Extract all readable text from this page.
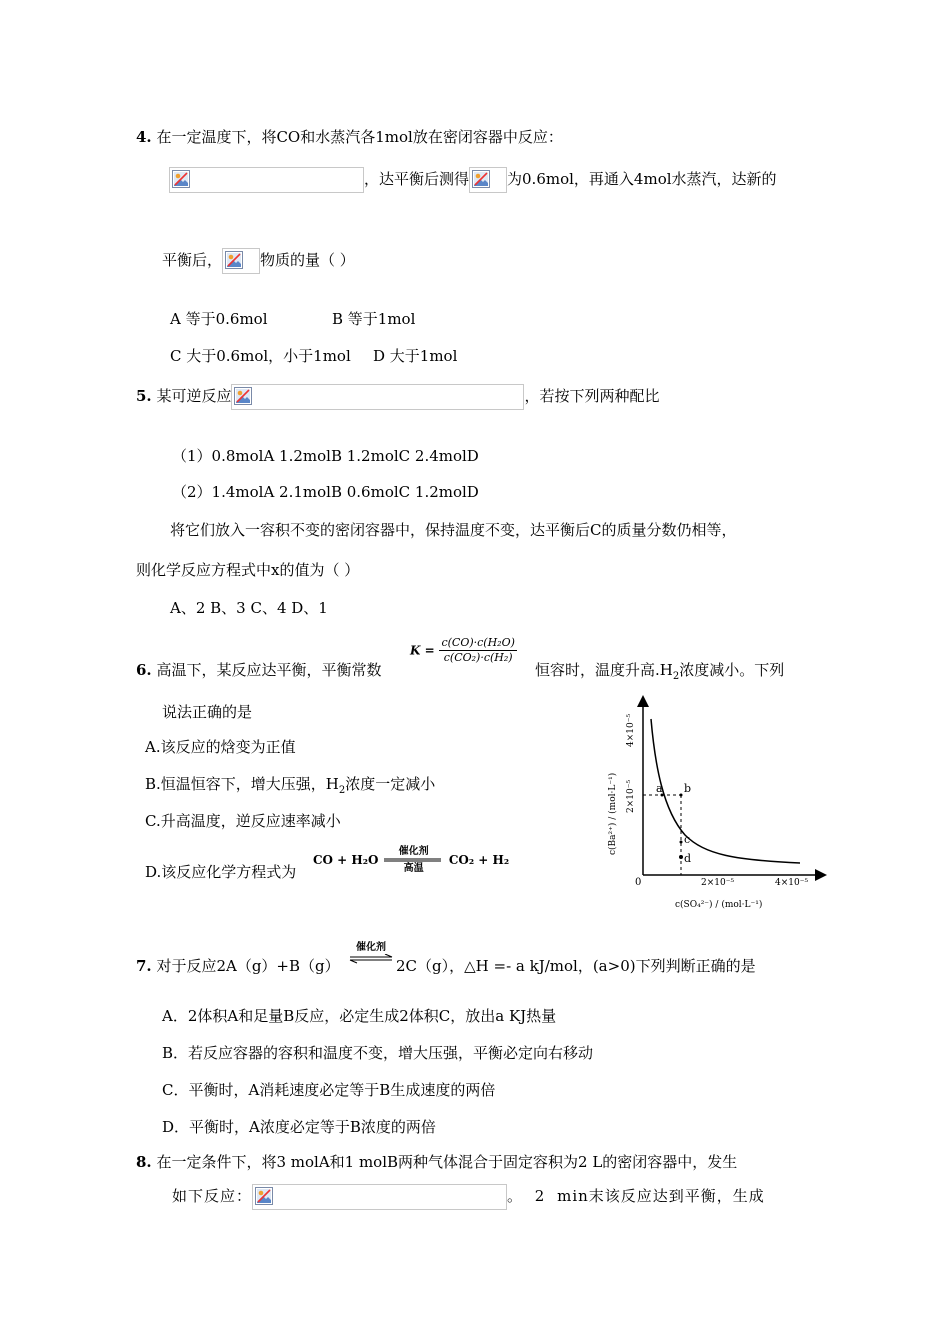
4. 在一定温度下，将CO和水蒸汽各1mol放在密闭容器中反应：
，达平衡后测得	为0.6mol，再通入4mol水蒸汽，达新的
平衡后，	物质的量（ ）
A 等于0.6mol	B 等于1mol
C 大于0.6mol，小于1mol D 大于1mol
5. 某可逆反应	，若按下列两种配比
（1）0.8molA 1.2molB 1.2molC 2.4molD
（2）1.4molA 2.1molB 0.6molC 1.2molD
将它们放入一容积不变的密闭容器中，保持温度不变，达平衡后C的质量分数仍相等，
则化学反应方程式中x的值为（ ）
A、2 B、3 C、4 D、1
6. 高温下，某反应达平衡，平衡常数
$K = \frac{\text{c(CO)·c(H₂O)}}{\text{c(CO₂)·c(H₂)}}$
恒容时，温度升高$.H_2$浓度减小。下列
说法正确的是
A.该反应的焓变为正值
B.恒温恒容下，增大压强，$H_2$浓度一定减小
C.升高温度，逆反应速率减小
D.该反应化学方程式为
CO + H₂O
催化剂
高温
CO₂ + H₂
a b
c
d
0
4×10⁻⁵
2×10⁻⁵
2×10⁻⁵	4×10⁻⁵
c(Ba²⁺) / (mol·L⁻¹)
c(SO₄²⁻) / (mol·L⁻¹)
7. 对于反应2A（g）+B（g）
催化剂
2C（g），△H =- a kJ/mol，(a>0)下列判断正确的是
A．2体积A和足量B反应，必定生成2体积C，放出a KJ热量
B．若反应容器的容积和温度不变，增大压强，平衡必定向右移动
C．平衡时，A消耗速度必定等于B生成速度的两倍
D．平衡时，A浓度必定等于B浓度的两倍
8. 在一定条件下，将3 molA和1 molB两种气体混合于固定容积为2 L的密闭容器中，发生
如下反应：	。 2 min末该反应达到平衡，生成
